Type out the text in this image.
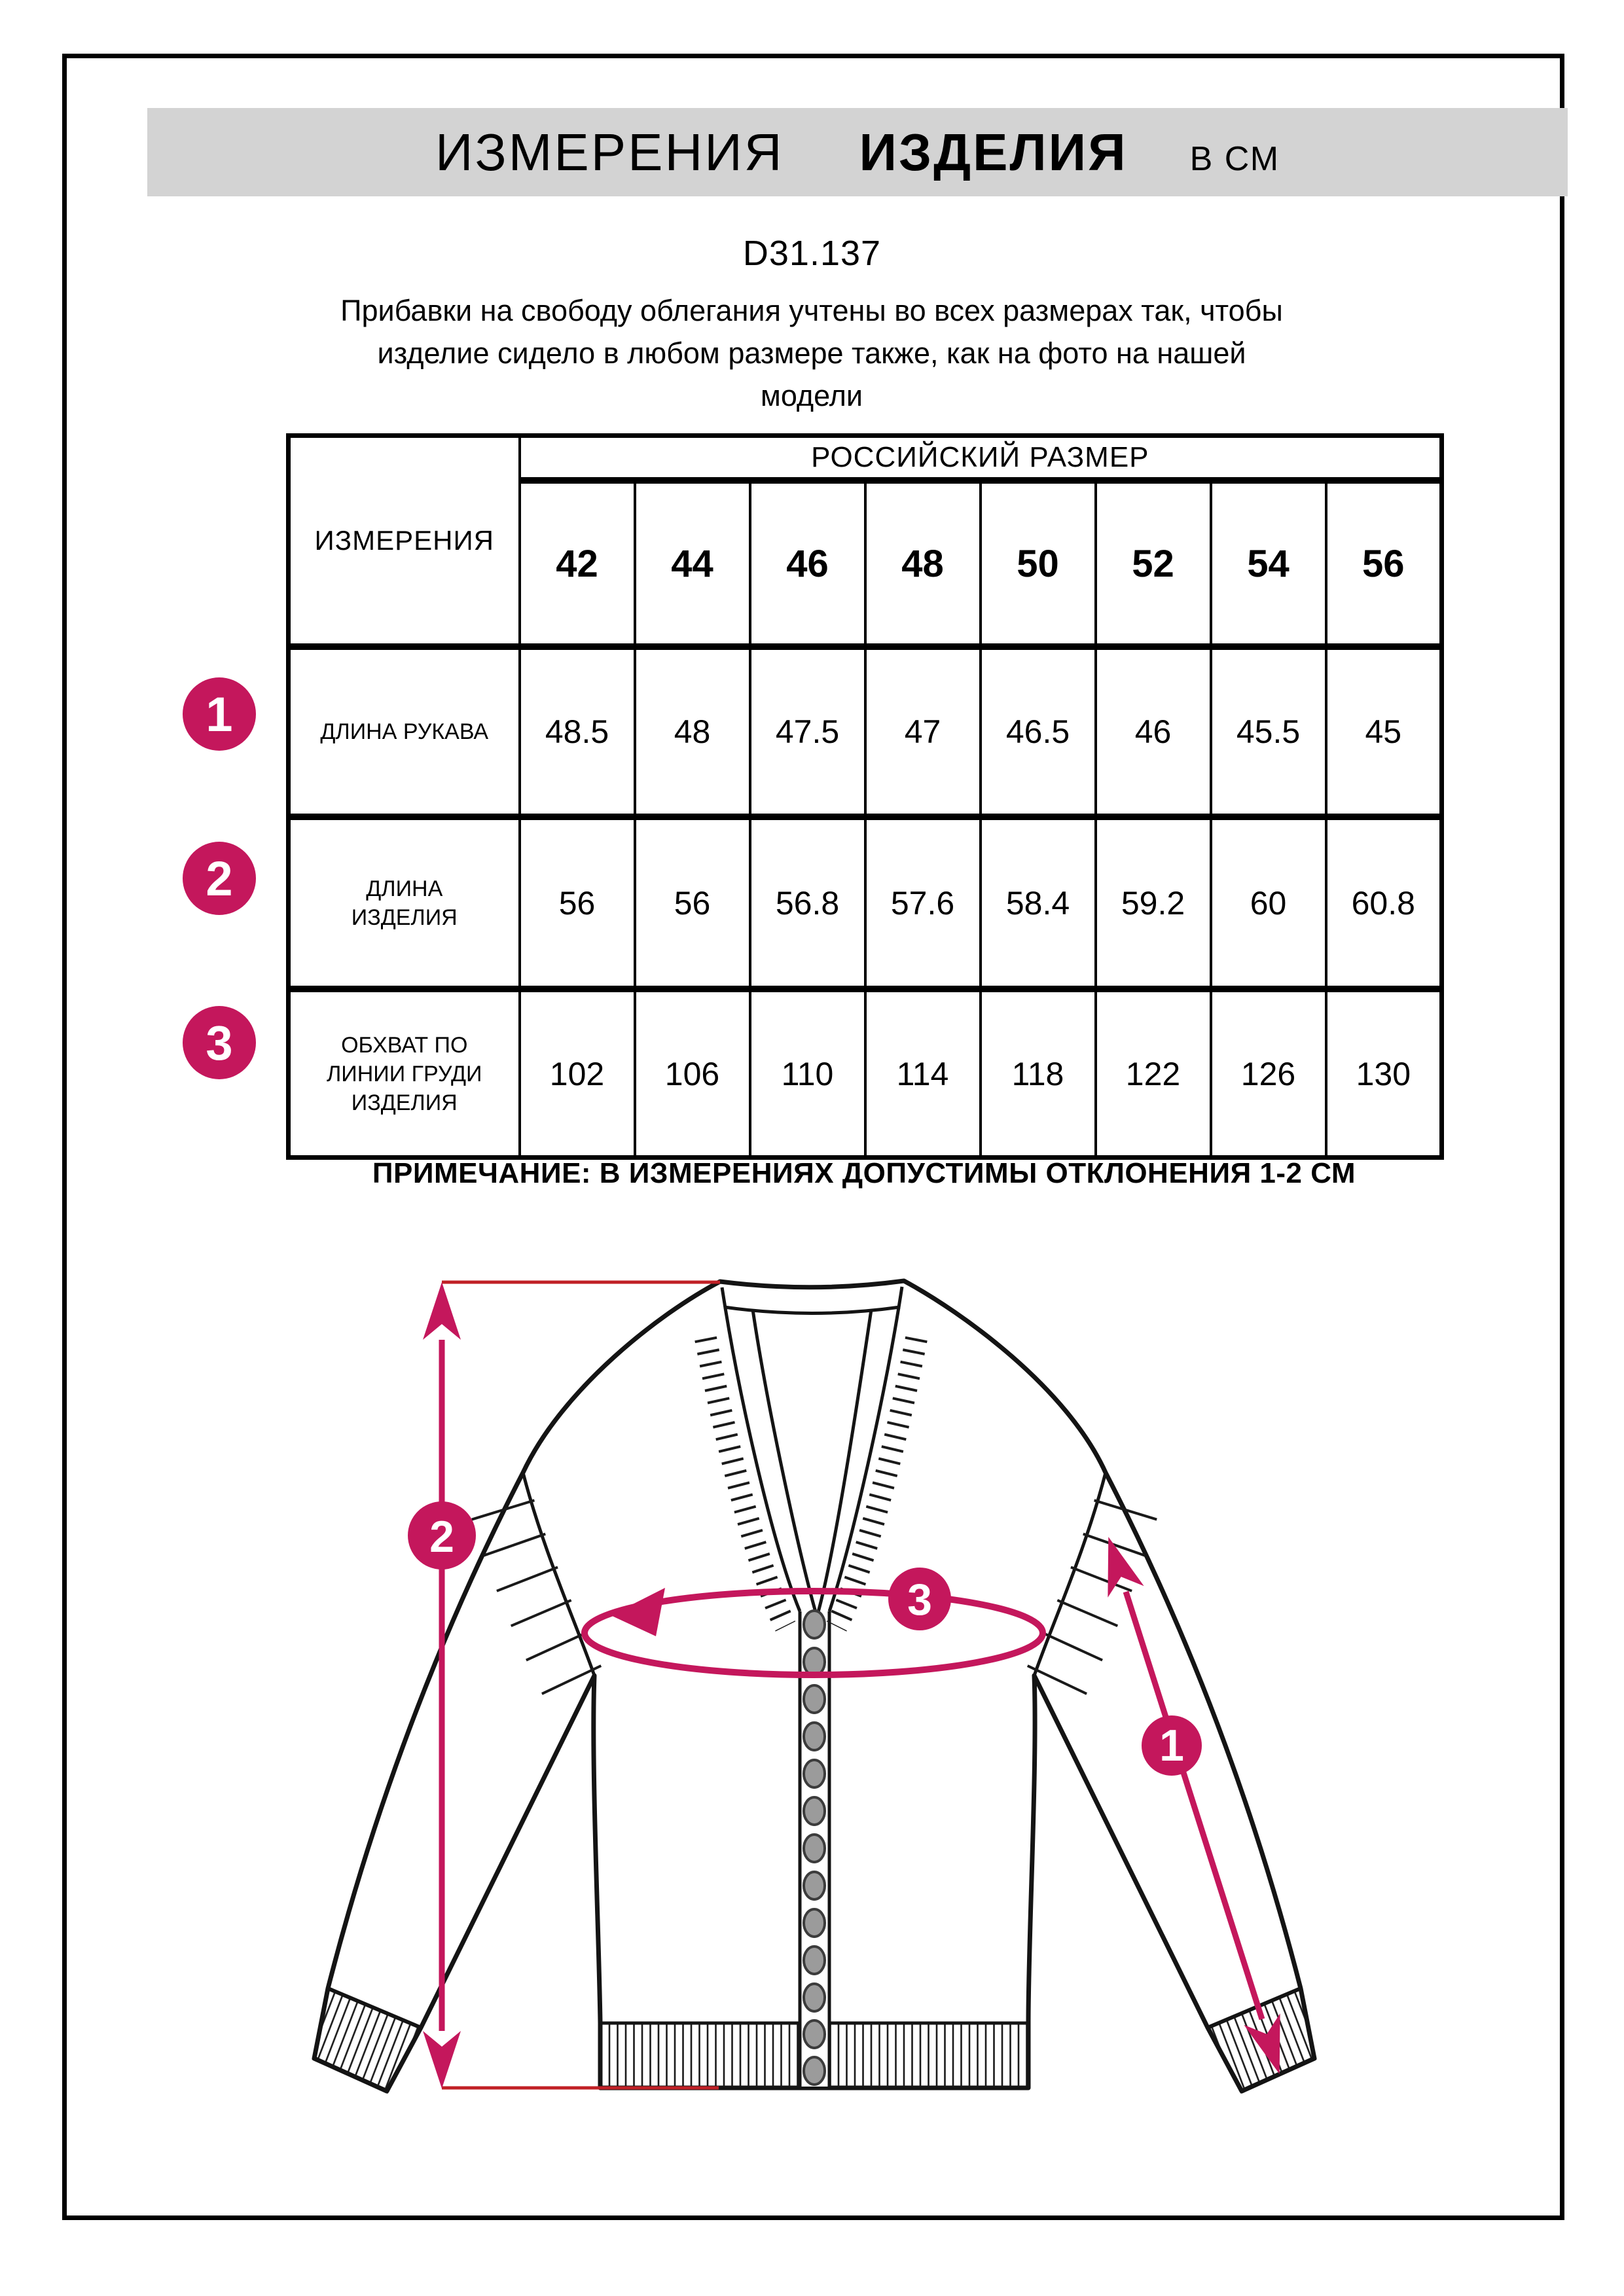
ИЗМЕРЕНИЯ ИЗДЕЛИЯ В СМ
D31.137
Прибавки на свободу облегания учтены во всех размерах так, чтобы
изделие сидело в любом размере также, как на фото на нашей
модели
ИЗМЕРЕНИЯ	РОССИЙСКИЙ РАЗМЕР							
	42	44	46	48	50	52	54	56
ДЛИНА РУКАВА	48.5	48	47.5	47	46.5	46	45.5	45
ДЛИНА ИЗДЕЛИЯ	56	56	56.8	57.6	58.4	59.2	60	60.8
ОБХВАТ ПО ЛИНИИ ГРУДИ ИЗДЕЛИЯ	102	106	110	114	118	122	126	130
1
2
3
ПРИМЕЧАНИЕ: В ИЗМЕРЕНИЯХ ДОПУСТИМЫ ОТКЛОНЕНИЯ 1-2 СМ
2
3
1
